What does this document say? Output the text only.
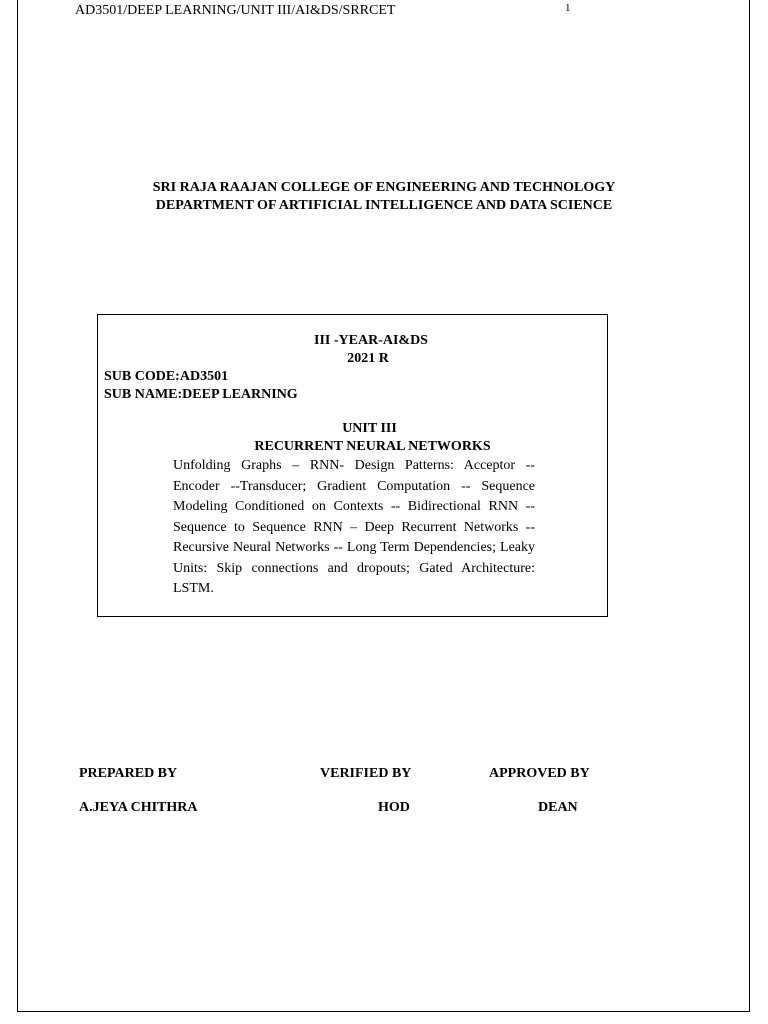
AD3501/DEEP LEARNING/UNIT III/AI&DS/SRRCET	1
SRI RAJA RAAJAN COLLEGE OF ENGINEERING AND TECHNOLOGY
DEPARTMENT OF ARTIFICIAL INTELLIGENCE AND DATA SCIENCE
III -YEAR-AI&DS
2021 R
SUB CODE:AD3501
SUB NAME:DEEP LEARNING
UNIT III
RECURRENT NEURAL NETWORKS
Unfolding Graphs – RNN- Design Patterns: Acceptor -- Encoder --Transducer; Gradient Computation -- Sequence Modeling Conditioned on Contexts -- Bidirectional RNN -- Sequence to Sequence RNN – Deep Recurrent Networks -- Recursive Neural Networks -- Long Term Dependencies; Leaky Units: Skip connections and dropouts; Gated Architecture: LSTM.
PREPARED BY	VERIFIED BY	APPROVED BY
A.JEYA CHITHRA	HOD	DEAN
